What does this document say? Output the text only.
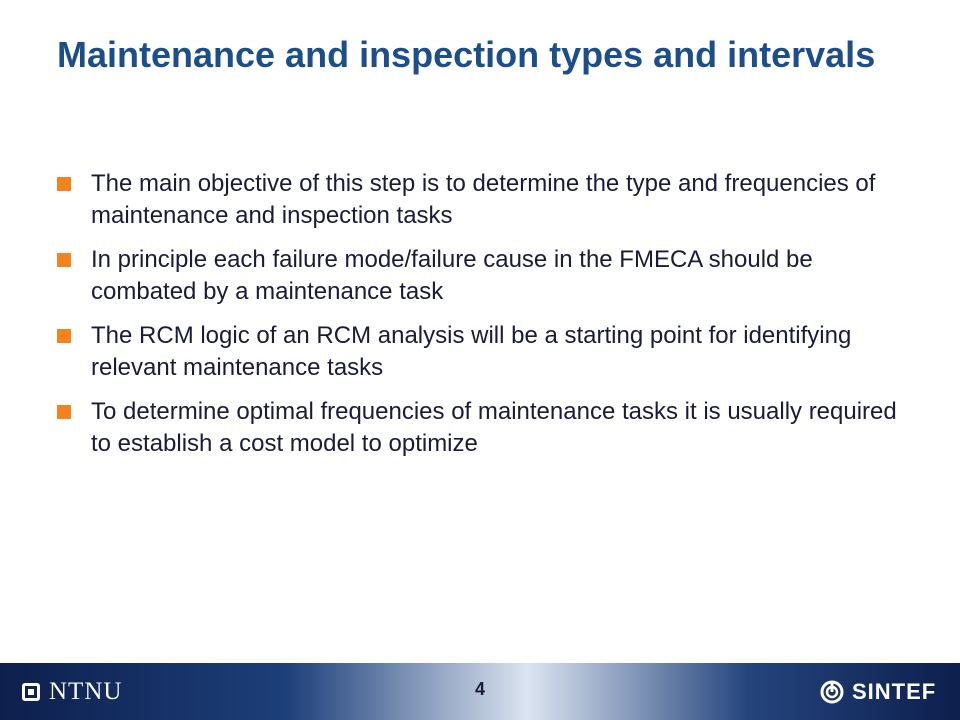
Maintenance and inspection types and intervals
The main objective of this step is to determine the type and frequencies of maintenance and inspection tasks
In principle each failure mode/failure cause in the FMECA should be combated by a maintenance task
The RCM logic of an RCM analysis will be a starting point for identifying relevant maintenance tasks
To determine optimal frequencies of maintenance tasks it is usually required to establish a cost model to optimize
NTNU	4	SINTEF
